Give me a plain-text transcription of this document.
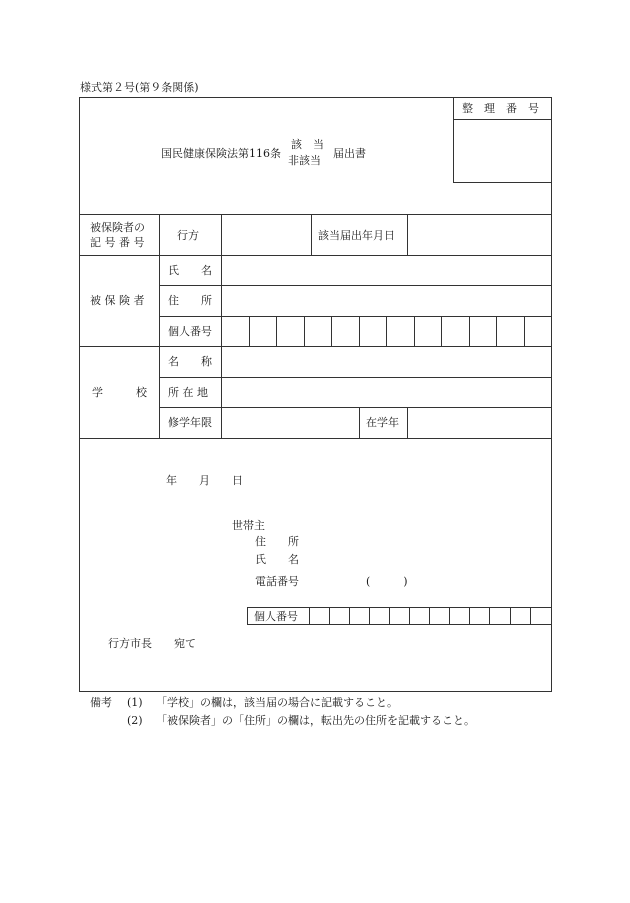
様式第２号(第９条関係)
整　理　番　号
国民健康保険法第116条
該　当
非該当
届出書
被保険者の
記 号 番 号
行方	該当届出年月日
被 保 険 者
氏　　名
住　　所
個人番号
学　　　校
名　　称
所 在 地
修学年限	在学年
年　　月　　日
世帯主
住　　所
氏　　名
電話番号	(　　　)
個人番号
行方市長　　宛て
備考 (1) 「学校」の欄は，該当届の場合に記載すること。
(2) 「被保険者」の「住所」の欄は，転出先の住所を記載すること。
